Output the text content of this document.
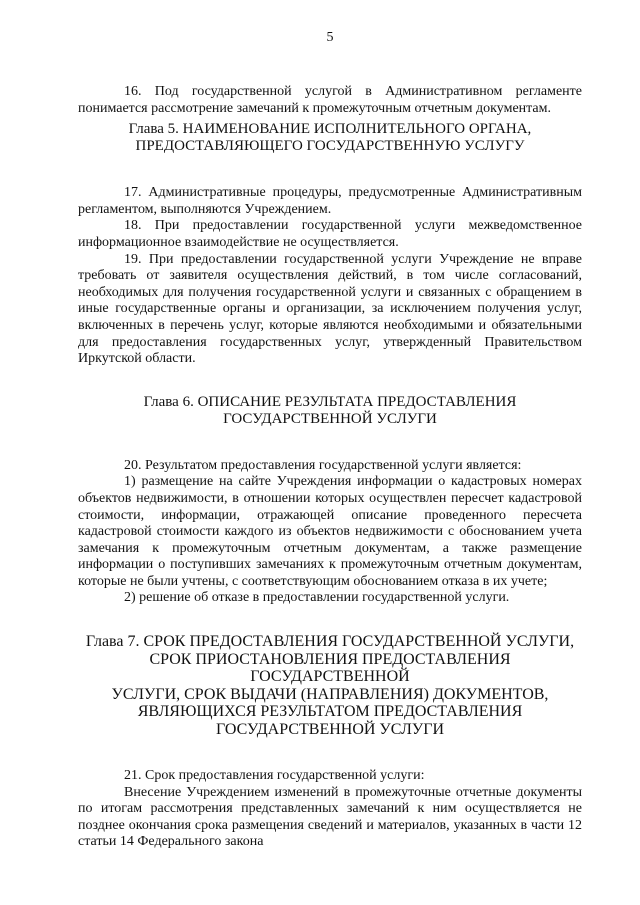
5

16. Под государственной услугой в Административном регламенте понимается рассмотрение замечаний к промежуточным отчетным документам.

Глава 5. НАИМЕНОВАНИЕ ИСПОЛНИТЕЛЬНОГО ОРГАНА,
ПРЕДОСТАВЛЯЮЩЕГО ГОСУДАРСТВЕННУЮ УСЛУГУ

17. Административные процедуры, предусмотренные Административным регламентом, выполняются Учреждением.

18. При предоставлении государственной услуги межведомственное информационное взаимодействие не осуществляется.

19. При предоставлении государственной услуги Учреждение не вправе требовать от заявителя осуществления действий, в том числе согласований, необходимых для получения государственной услуги и связанных с обращением в иные государственные органы и организации, за исключением получения услуг, включенных в перечень услуг, которые являются необходимыми и обязательными для предоставления государственных услуг, утвержденный Правительством Иркутской области.

Глава 6. ОПИСАНИЕ РЕЗУЛЬТАТА ПРЕДОСТАВЛЕНИЯ
ГОСУДАРСТВЕННОЙ УСЛУГИ

20. Результатом предоставления государственной услуги является:

1) размещение на сайте Учреждения информации о кадастровых номерах объектов недвижимости, в отношении которых осуществлен пересчет кадастровой стоимости, информации, отражающей описание проведенного пересчета кадастровой стоимости каждого из объектов недвижимости с обоснованием учета замечания к промежуточным отчетным документам, а также размещение информации о поступивших замечаниях к промежуточным отчетным документам, которые не были учтены, с соответствующим обоснованием отказа в их учете;

2) решение об отказе в предоставлении государственной услуги.

Глава 7. СРОК ПРЕДОСТАВЛЕНИЯ ГОСУДАРСТВЕННОЙ УСЛУГИ,
СРОК ПРИОСТАНОВЛЕНИЯ ПРЕДОСТАВЛЕНИЯ ГОСУДАРСТВЕННОЙ
УСЛУГИ, СРОК ВЫДАЧИ (НАПРАВЛЕНИЯ) ДОКУМЕНТОВ,
ЯВЛЯЮЩИХСЯ РЕЗУЛЬТАТОМ ПРЕДОСТАВЛЕНИЯ
ГОСУДАРСТВЕННОЙ УСЛУГИ

21. Срок предоставления государственной услуги:

Внесение Учреждением изменений в промежуточные отчетные документы по итогам рассмотрения представленных замечаний к ним осуществляется не позднее окончания срока размещения сведений и материалов, указанных в части 12 статьи 14 Федерального закона
